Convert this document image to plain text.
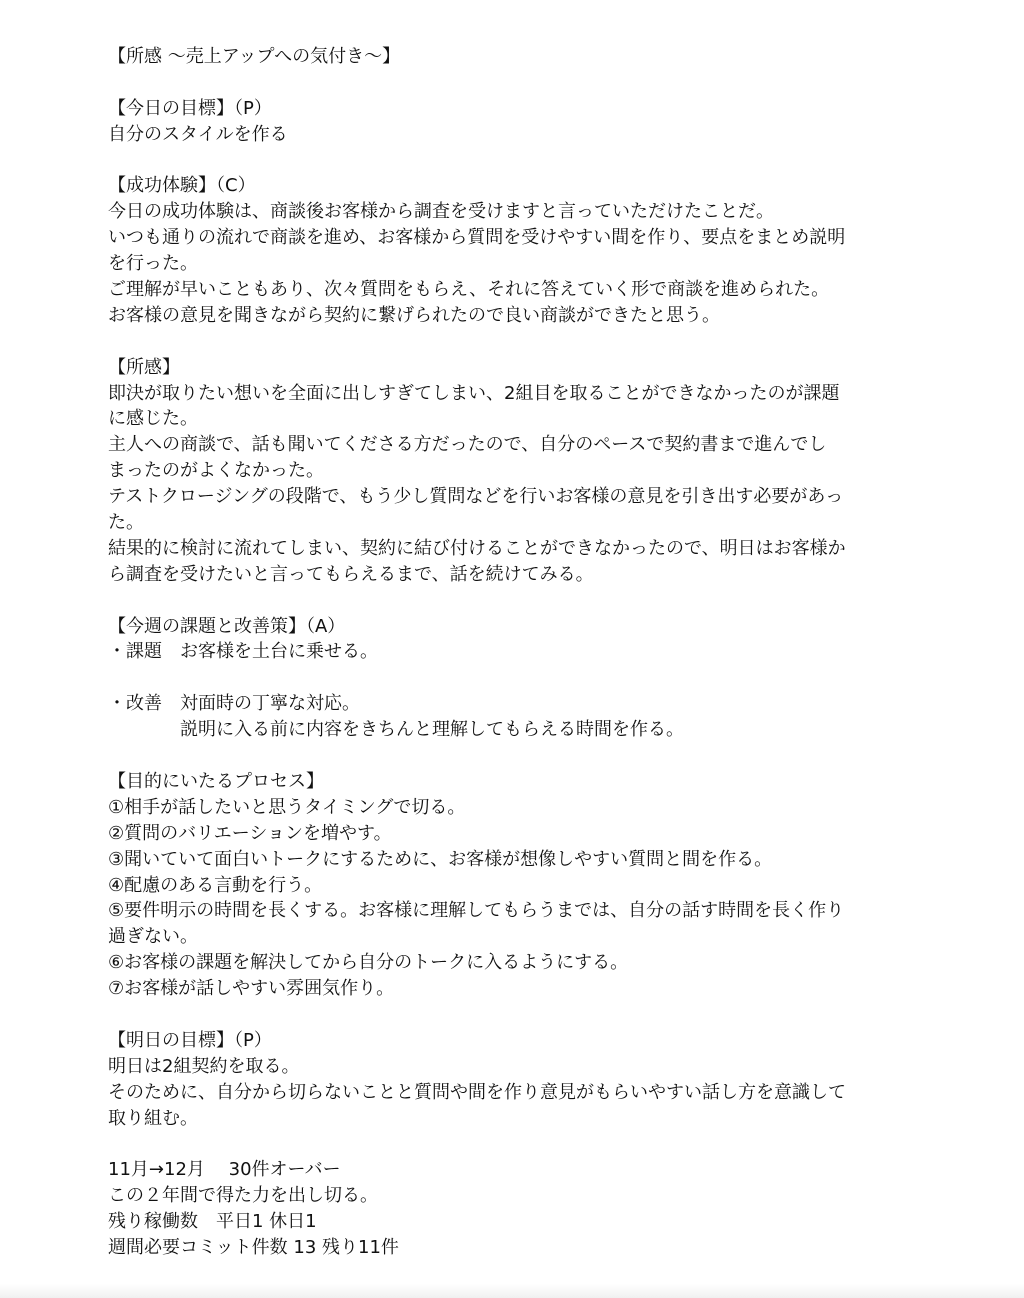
【所感 〜売上アップへの気付き〜】
【今日の目標】（P）
自分のスタイルを作る
【成功体験】（C）
今日の成功体験は、商談後お客様から調査を受けますと言っていただけたことだ。
いつも通りの流れで商談を進め、お客様から質問を受けやすい間を作り、要点をまとめ説明
を行った。
ご理解が早いこともあり、次々質問をもらえ、それに答えていく形で商談を進められた。
お客様の意見を聞きながら契約に繋げられたので良い商談ができたと思う。
【所感】
即決が取りたい想いを全面に出しすぎてしまい、2組目を取ることができなかったのが課題
に感じた。
主人への商談で、話も聞いてくださる方だったので、自分のペースで契約書まで進んでし
まったのがよくなかった。
テストクロージングの段階で、もう少し質問などを行いお客様の意見を引き出す必要があっ
た。
結果的に検討に流れてしまい、契約に結び付けることができなかったので、明日はお客様か
ら調査を受けたいと言ってもらえるまで、話を続けてみる。
【今週の課題と改善策】（A）
・課題　お客様を土台に乗せる。
・改善　対面時の丁寧な対応。
　　　　説明に入る前に内容をきちんと理解してもらえる時間を作る。
【目的にいたるプロセス】
①相手が話したいと思うタイミングで切る。
②質問のバリエーションを増やす。
③聞いていて面白いトークにするために、お客様が想像しやすい質問と間を作る。
④配慮のある言動を行う。
⑤要件明示の時間を長くする。お客様に理解してもらうまでは、自分の話す時間を長く作り
過ぎない。
⑥お客様の課題を解決してから自分のトークに入るようにする。
⑦お客様が話しやすい雰囲気作り。
【明日の目標】（P）
明日は2組契約を取る。
そのために、自分から切らないことと質問や間を作り意見がもらいやすい話し方を意識して
取り組む。
11月→12月　 30件オーバー
この２年間で得た力を出し切る。
残り稼働数　平日1 休日1
週間必要コミット件数 13 残り11件
